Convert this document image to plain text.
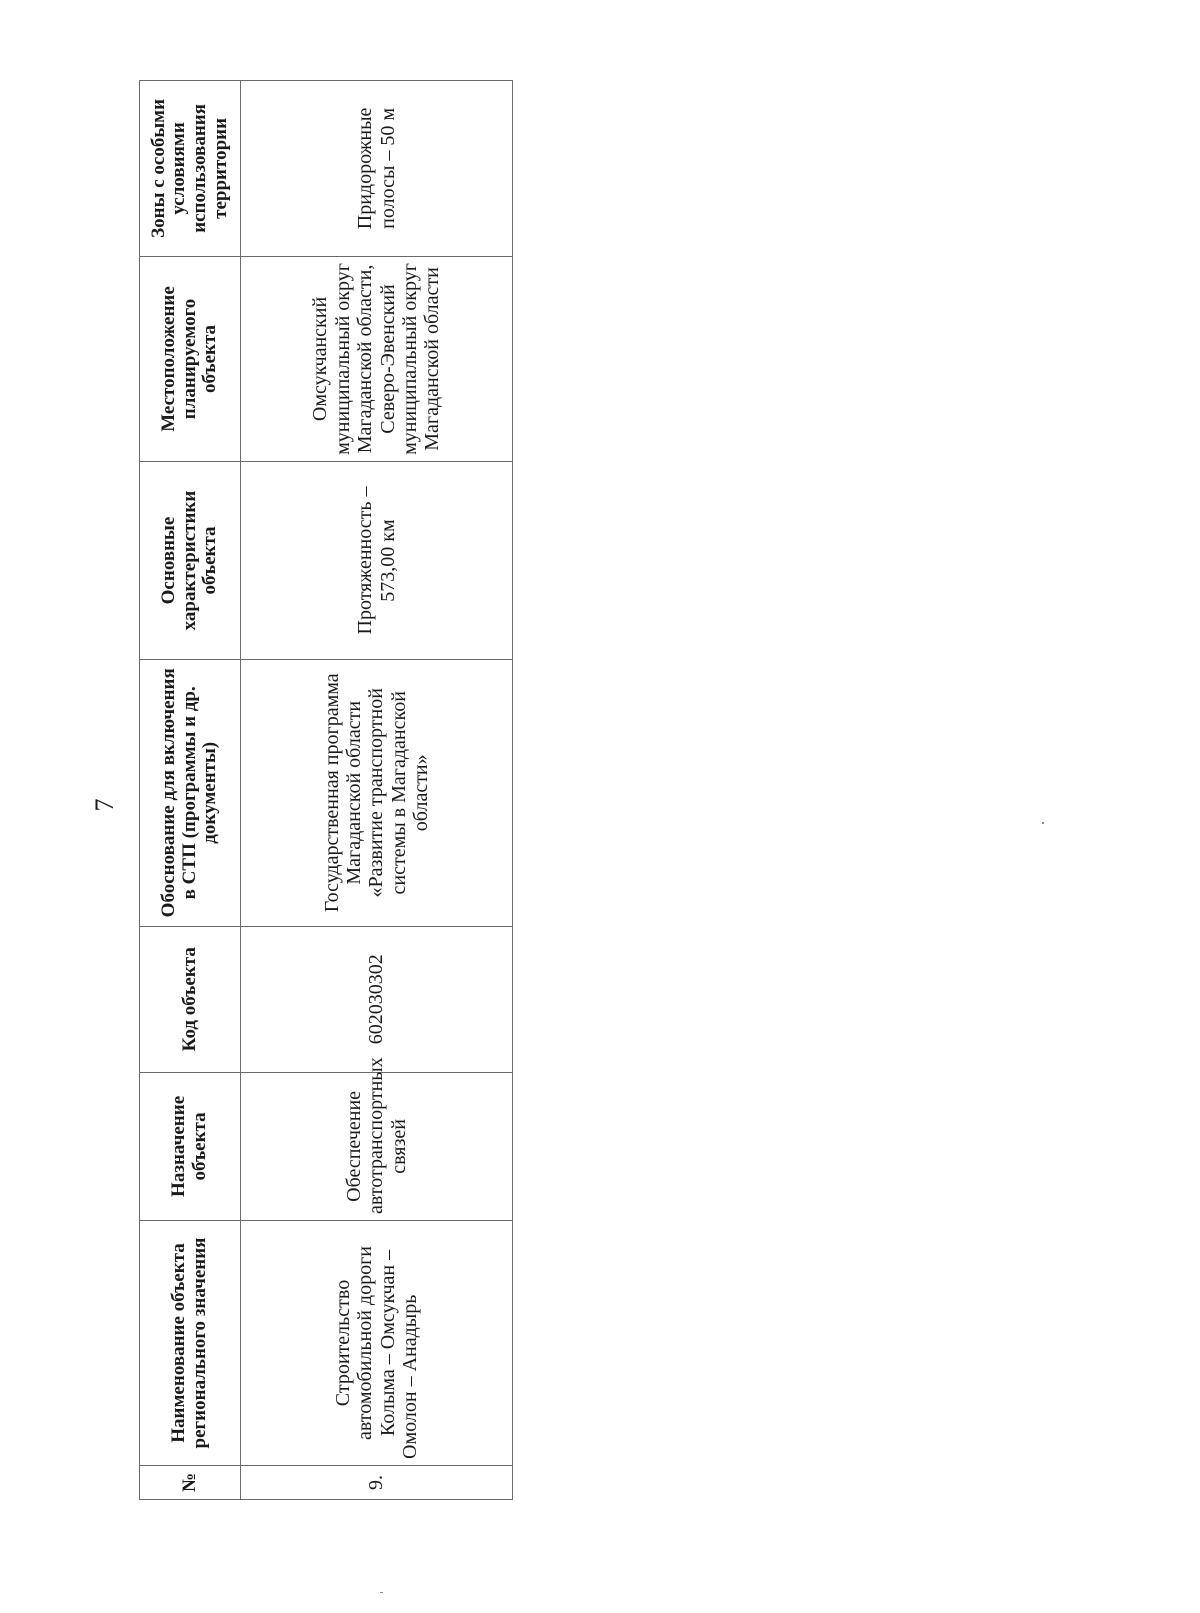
7
№	Наименование объекта регионального значения	Назначение объекта	Код объекта	Обоснование для включения в СТП (программы и др. документы)	Основные характеристики объекта	Местоположение планируемого объекта	Зоны с особыми условиями использования территории
9.	Строительство автомобильной дороги Колыма – Омсукчан – Омолон – Анадырь	Обеспечение автотранспортных связей	602030302	Государственная программа Магаданской области «Развитие транспортной системы в Магаданской области»	Протяженность – 573,00 км	Омсукчанский муниципальный округ Магаданской области, Северо-Эвенский муниципальный округ Магаданской области	Придорожные полосы – 50 м
